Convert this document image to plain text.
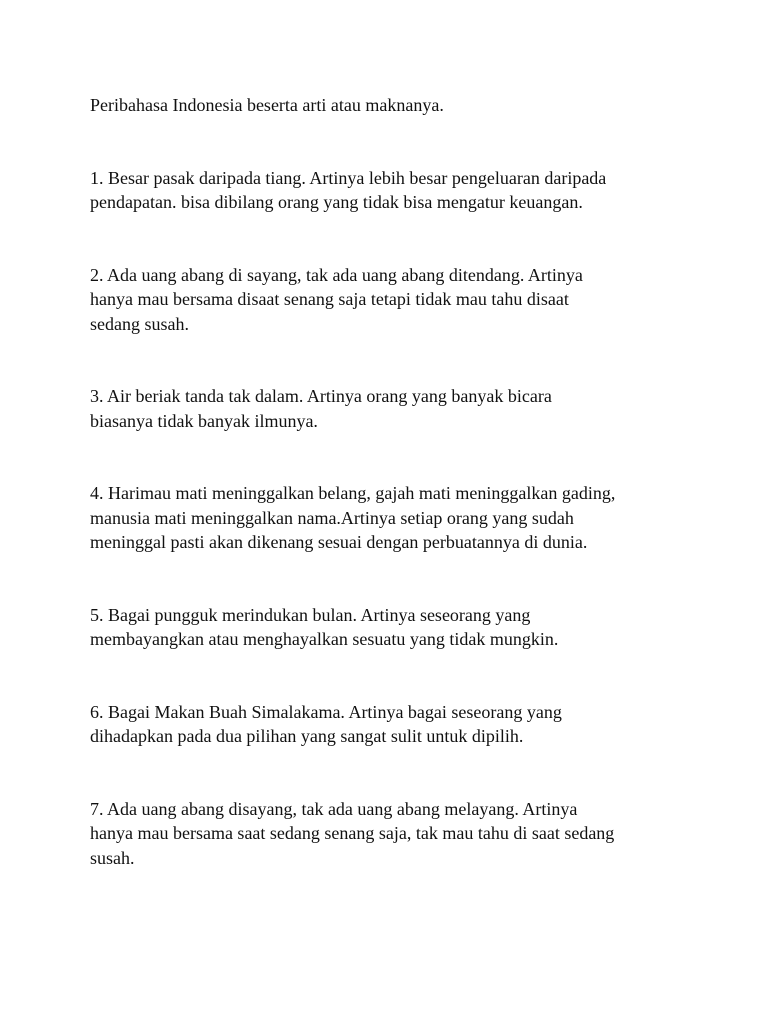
Peribahasa Indonesia beserta arti atau maknanya.

1. Besar pasak daripada tiang. Artinya lebih besar pengeluaran daripada
pendapatan. bisa dibilang orang yang tidak bisa mengatur keuangan.

2. Ada uang abang di sayang, tak ada uang abang ditendang. Artinya
hanya mau bersama disaat senang saja tetapi tidak mau tahu disaat
sedang susah.

3. Air beriak tanda tak dalam. Artinya orang yang banyak bicara
biasanya tidak banyak ilmunya.

4. Harimau mati meninggalkan belang, gajah mati meninggalkan gading,
manusia mati meninggalkan nama.Artinya setiap orang yang sudah
meninggal pasti akan dikenang sesuai dengan perbuatannya di dunia.

5. Bagai pungguk merindukan bulan. Artinya seseorang yang
membayangkan atau menghayalkan sesuatu yang tidak mungkin.

6. Bagai Makan Buah Simalakama. Artinya bagai seseorang yang
dihadapkan pada dua pilihan yang sangat sulit untuk dipilih.

7. Ada uang abang disayang, tak ada uang abang melayang. Artinya
hanya mau bersama saat sedang senang saja, tak mau tahu di saat sedang
susah.
